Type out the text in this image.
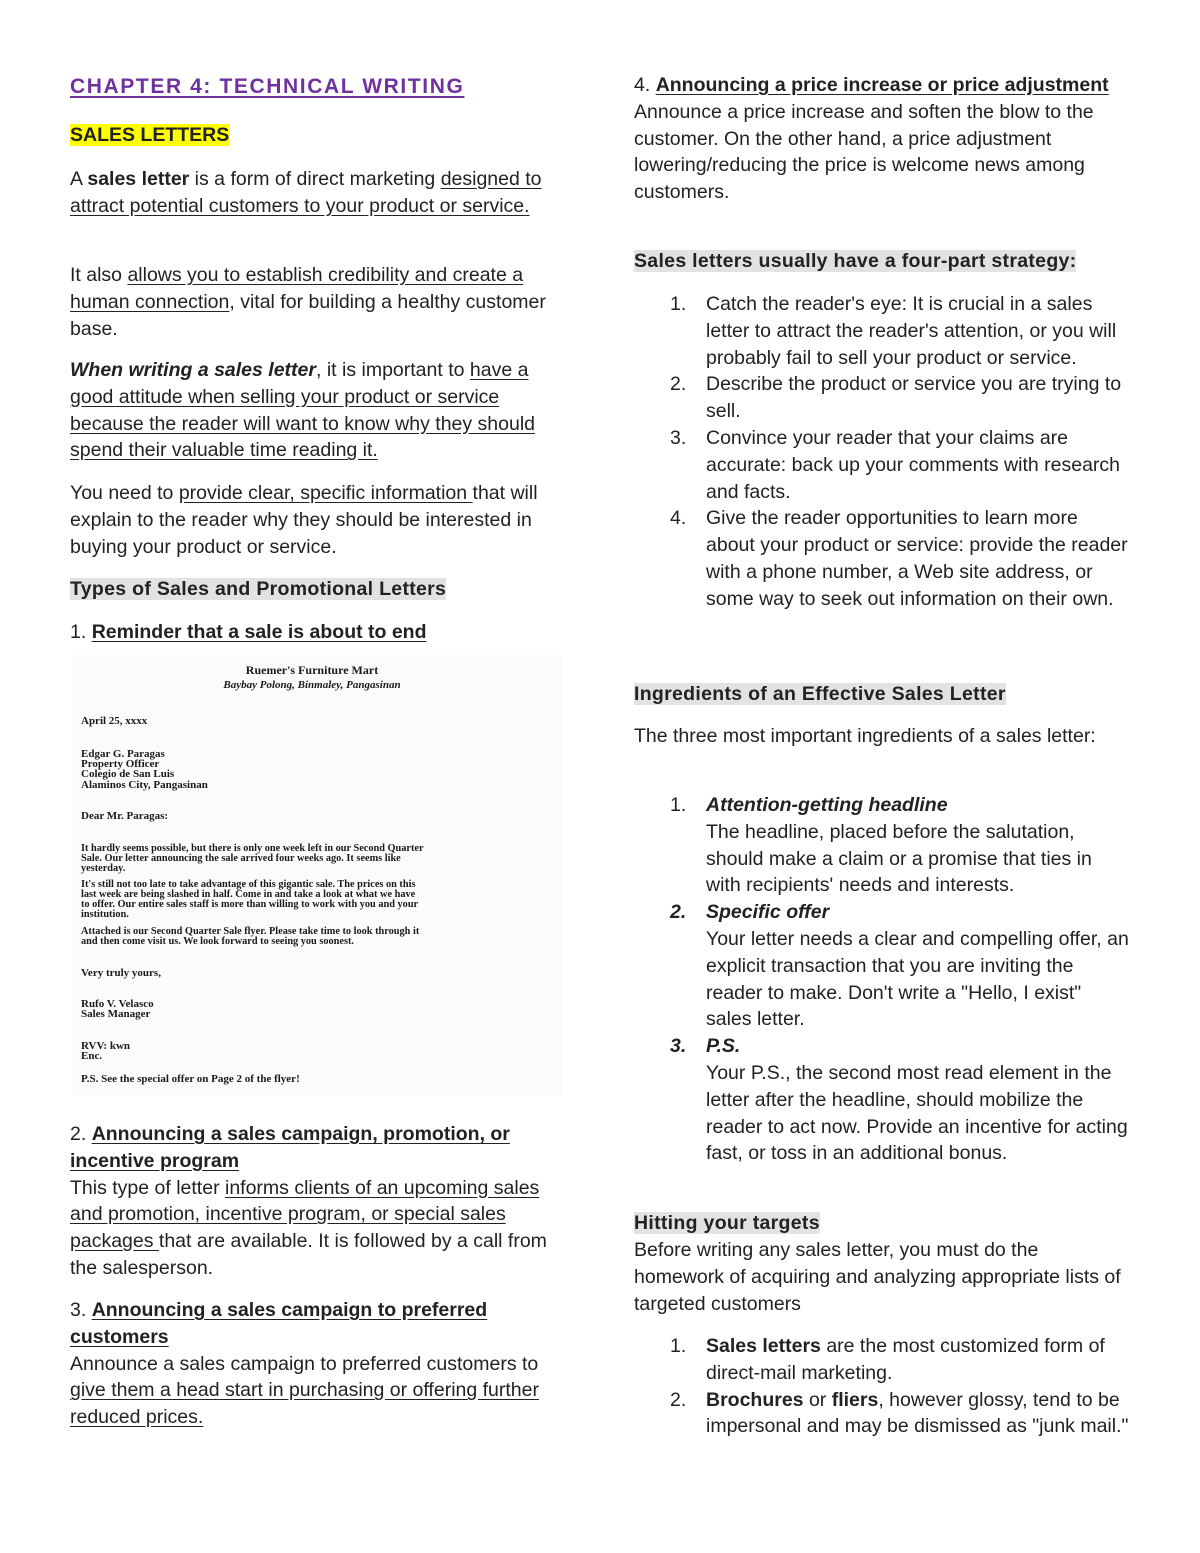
CHAPTER 4: TECHNICAL WRITING
SALES LETTERS

A sales letter is a form of direct marketing designed to attract potential customers to your product or service.

It also allows you to establish credibility and create a human connection, vital for building a healthy customer base.

When writing a sales letter, it is important to have a good attitude when selling your product or service because the reader will want to know why they should spend their valuable time reading it.

You need to provide clear, specific information that will explain to the reader why they should be interested in buying your product or service.

Types of Sales and Promotional Letters

1. Reminder that a sale is about to end

2. Announcing a sales campaign, promotion, or incentive program
This type of letter informs clients of an upcoming sales and promotion, incentive program, or special sales packages that are available. It is followed by a call from the salesperson.

3. Announcing a sales campaign to preferred customers
Announce a sales campaign to preferred customers to give them a head start in purchasing or offering further reduced prices.

Ruemer's Furniture Mart
Baybay Polong, Binmaley, Pangasinan
April 25, xxxx
Edgar G. Paragas
Property Officer
Colegio de San Luis
Alaminos City, Pangasinan
Dear Mr. Paragas:
It hardly seems possible, but there is only one week left in our Second Quarter
Sale. Our letter announcing the sale arrived four weeks ago. It seems like
yesterday.
It's still not too late to take advantage of this gigantic sale. The prices on this
last week are being slashed in half. Come in and take a look at what we have
to offer. Our entire sales staff is more than willing to work with you and your
institution.
Attached is our Second Quarter Sale flyer. Please take time to look through it
and then come visit us. We look forward to seeing you soonest.
Very truly yours,
Rufo V. Velasco
Sales Manager
RVV: kwn
Enc.
P.S. See the special offer on Page 2 of the flyer!

4. Announcing a price increase or price adjustment
Announce a price increase and soften the blow to the customer. On the other hand, a price adjustment lowering/reducing the price is welcome news among customers.

Sales letters usually have a four-part strategy:
1. Catch the reader's eye: It is crucial in a sales letter to attract the reader's attention, or you will probably fail to sell your product or service.
2. Describe the product or service you are trying to sell.
3. Convince your reader that your claims are accurate: back up your comments with research and facts.
4. Give the reader opportunities to learn more about your product or service: provide the reader with a phone number, a Web site address, or some way to seek out information on their own.
Ingredients of an Effective Sales Letter

The three most important ingredients of a sales letter:

1. Attention-getting headline
The headline, placed before the salutation, should make a claim or a promise that ties in with recipients' needs and interests.
2. Specific offer
Your letter needs a clear and compelling offer, an explicit transaction that you are inviting the reader to make. Don't write a "Hello, I exist" sales letter.
3. P.S.
Your P.S., the second most read element in the letter after the headline, should mobilize the reader to act now. Provide an incentive for acting fast, or toss in an additional bonus.
Hitting your targets

Before writing any sales letter, you must do the homework of acquiring and analyzing appropriate lists of targeted customers

1. Sales letters are the most customized form of direct-mail marketing.
2. Brochures or fliers, however glossy, tend to be impersonal and may be dismissed as "junk mail."
